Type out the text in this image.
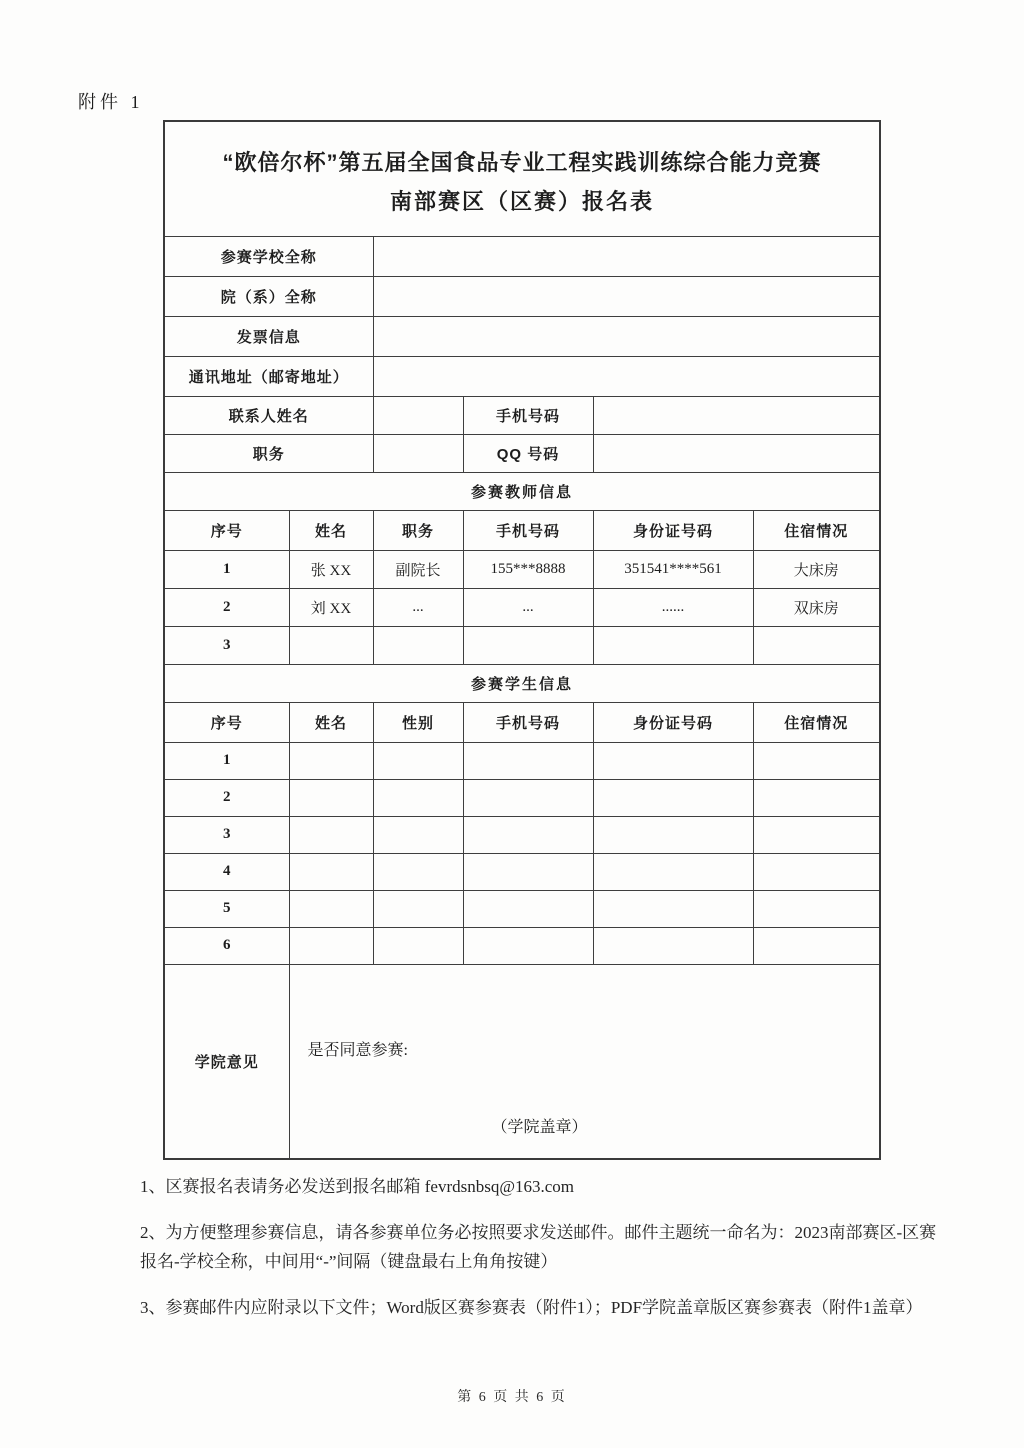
附件 1
“欧倍尔杯”第五届全国食品专业工程实践训练综合能力竞赛
南部赛区（区赛）报名表					

参赛学校全称					
院（系）全称					
发票信息					
通讯地址（邮寄地址）					
联系人姓名			手机号码		
职务			QQ 号码		
参赛教师信息					
序号	姓名	职务	手机号码	身份证号码	住宿情况
1	张 XX	副院长	155***8888	351541****561	大床房
2	刘 XX	...	...	......	双床房
3					
参赛学生信息					
序号	姓名	性别	手机号码	身份证号码	住宿情况
1					
2					
3					
4					
5					
6					
学院意见	是否同意参赛:
（学院盖章）				
1、区赛报名表请务必发送到报名邮箱 fevrdsnbsq@163.com
2、为方便整理参赛信息，请各参赛单位务必按照要求发送邮件。邮件主题统一命名为：2023南部赛区-区赛报名-学校全称，中间用“-”间隔（键盘最右上角角按键）
3、参赛邮件内应附录以下文件；Word版区赛参赛表（附件1）；PDF学院盖章版区赛参赛表（附件1盖章）
第 6 页 共 6 页
